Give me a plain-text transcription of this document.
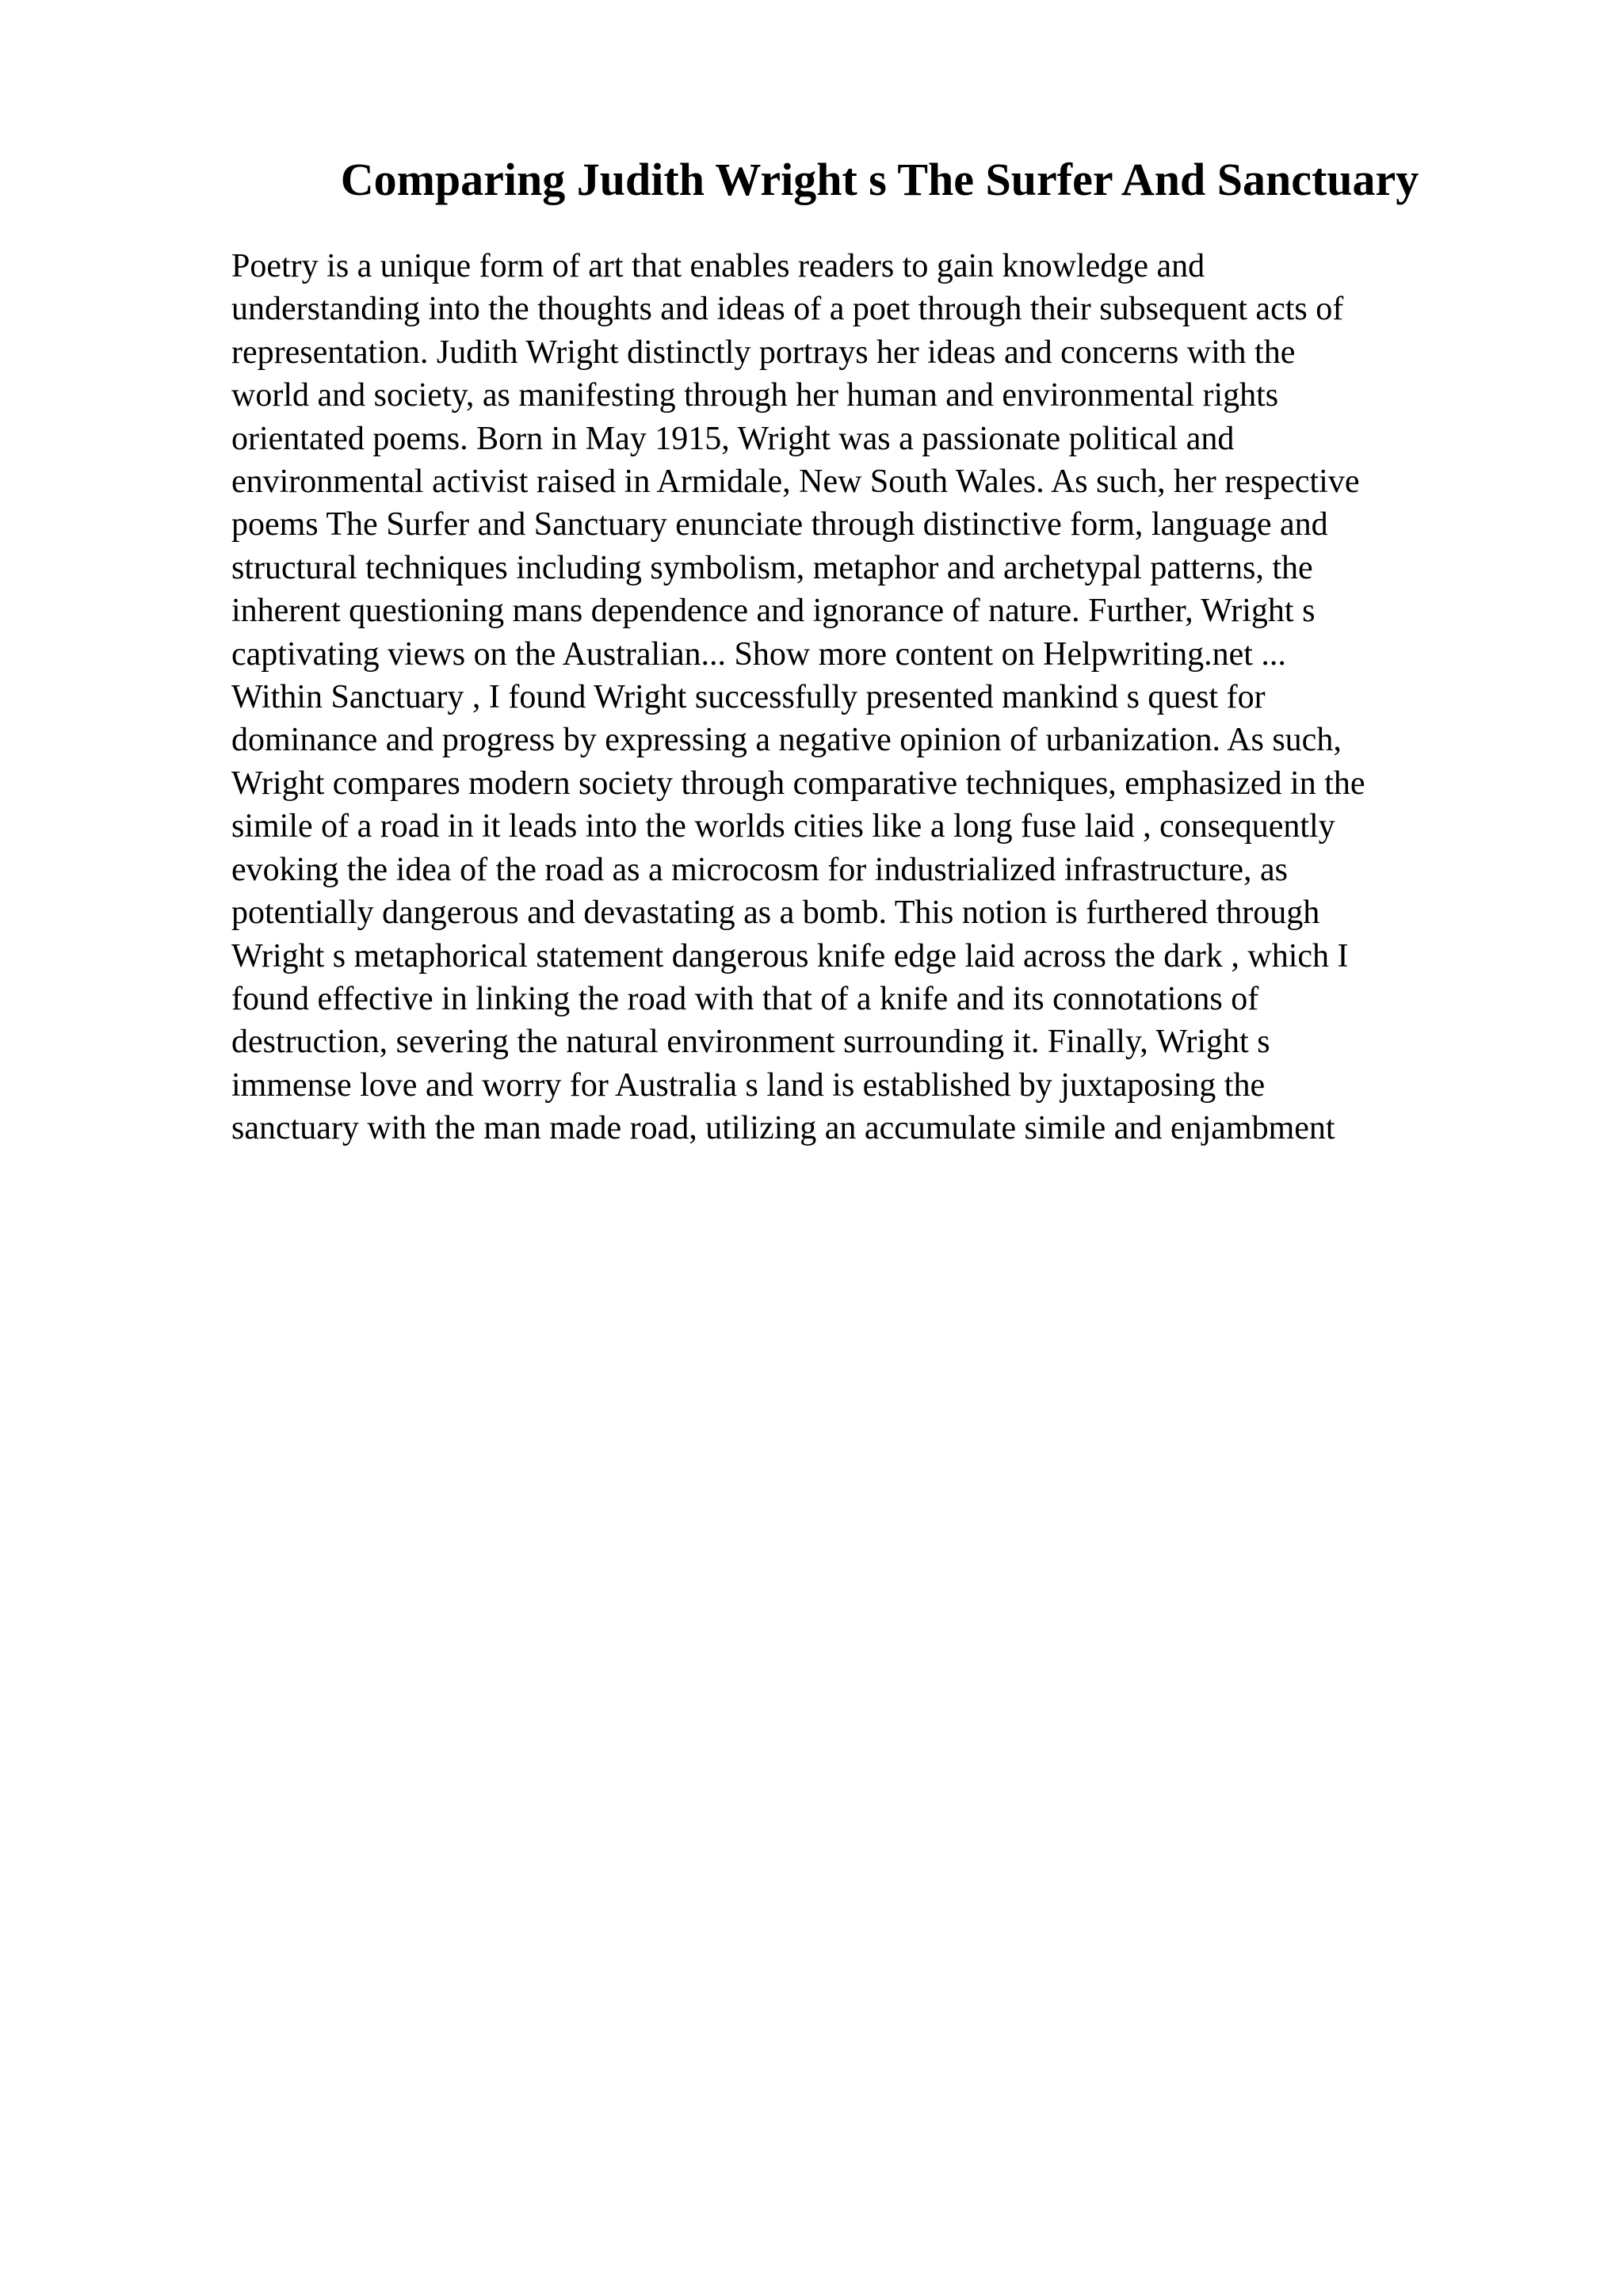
Comparing Judith Wright s The Surfer And Sanctuary
Poetry is a unique form of art that enables readers to gain knowledge and
understanding into the thoughts and ideas of a poet through their subsequent acts of
representation. Judith Wright distinctly portrays her ideas and concerns with the
world and society, as manifesting through her human and environmental rights
orientated poems. Born in May 1915, Wright was a passionate political and
environmental activist raised in Armidale, New South Wales. As such, her respective
poems The Surfer and Sanctuary enunciate through distinctive form, language and
structural techniques including symbolism, metaphor and archetypal patterns, the
inherent questioning mans dependence and ignorance of nature. Further, Wright s
captivating views on the Australian... Show more content on Helpwriting.net ...
Within Sanctuary , I found Wright successfully presented mankind s quest for
dominance and progress by expressing a negative opinion of urbanization. As such,
Wright compares modern society through comparative techniques, emphasized in the
simile of a road in it leads into the worlds cities like a long fuse laid , consequently
evoking the idea of the road as a microcosm for industrialized infrastructure, as
potentially dangerous and devastating as a bomb. This notion is furthered through
Wright s metaphorical statement dangerous knife edge laid across the dark , which I
found effective in linking the road with that of a knife and its connotations of
destruction, severing the natural environment surrounding it. Finally, Wright s
immense love and worry for Australia s land is established by juxtaposing the
sanctuary with the man made road, utilizing an accumulate simile and enjambment
